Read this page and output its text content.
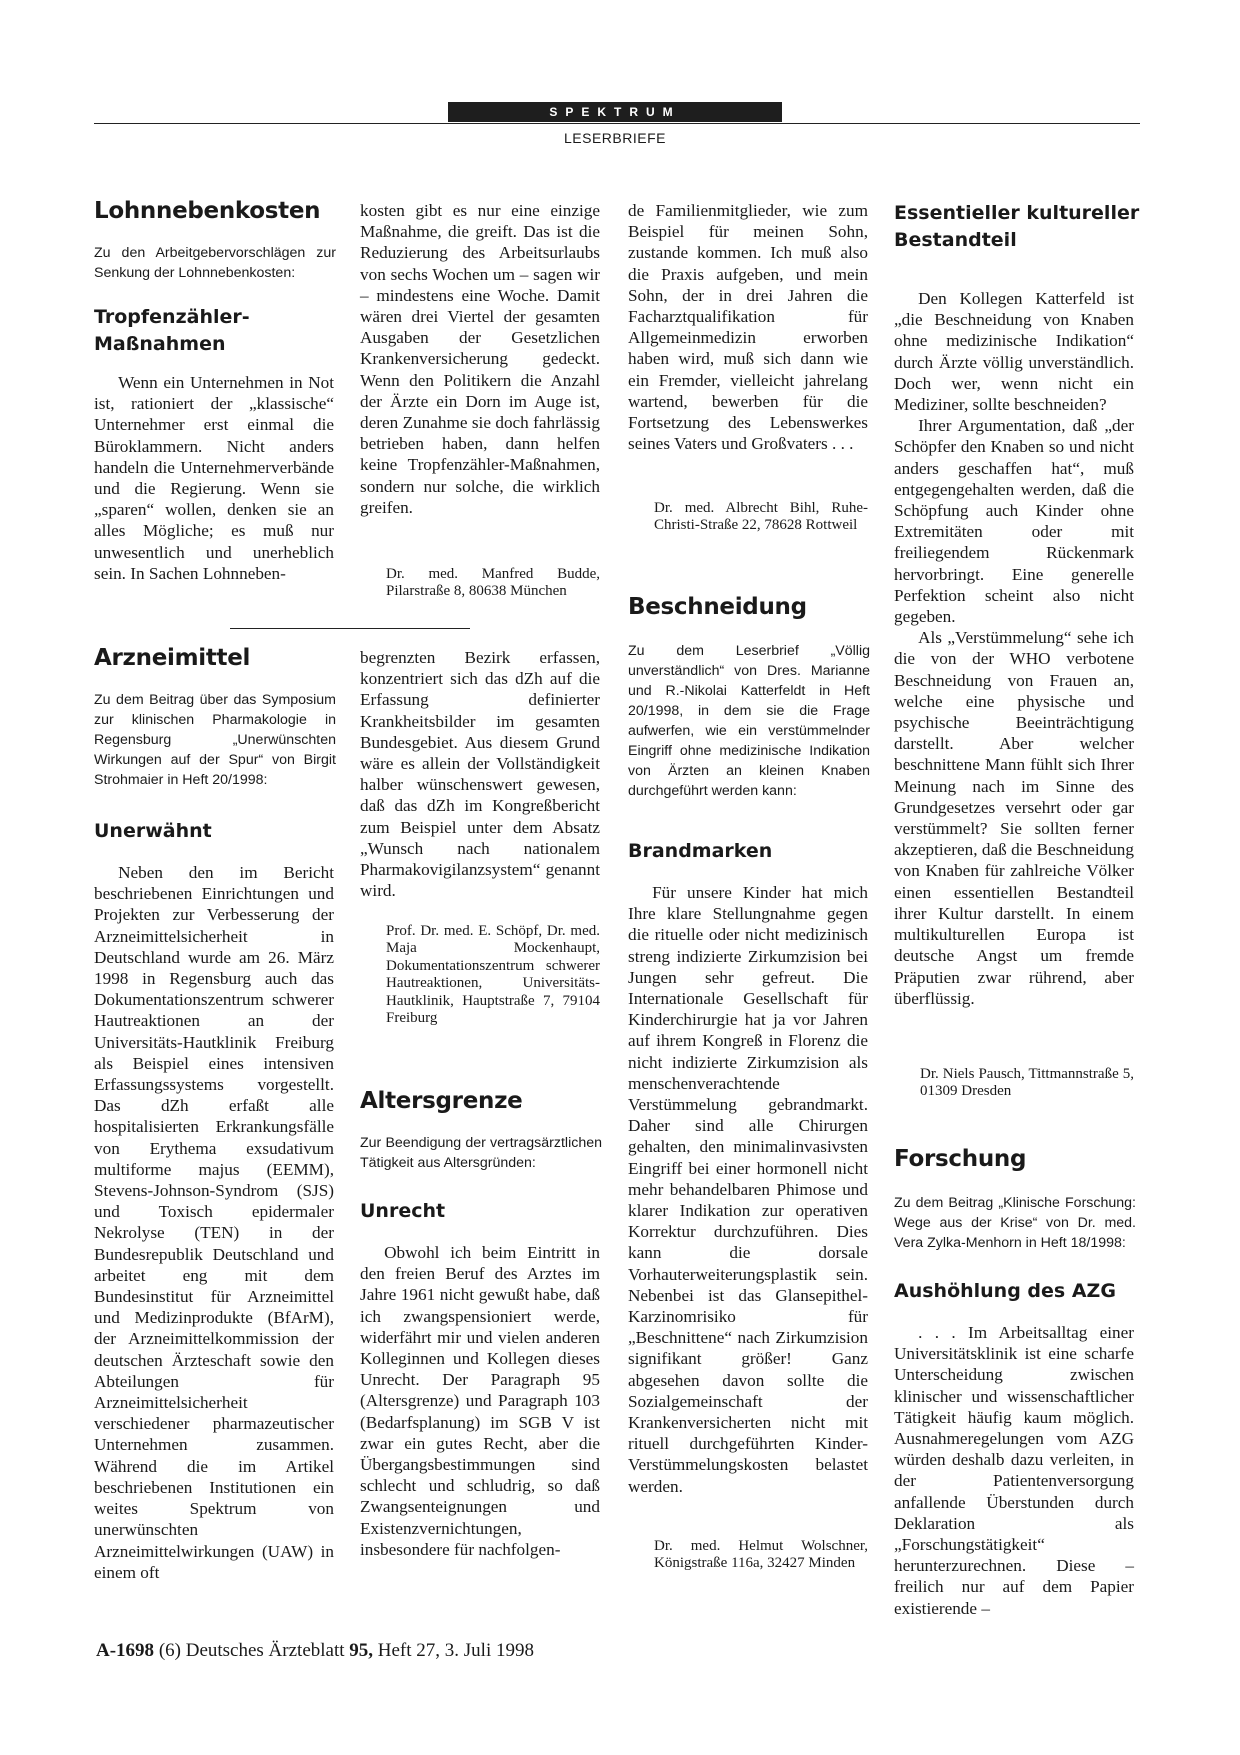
SPEKTRUM
LESERBRIEFE
Lohnnebenkosten
Zu den Arbeitgebervorschlägen zur Senkung der Lohnnebenkosten:
Tropfenzähler-Maßnahmen

Wenn ein Unternehmen in Not ist, rationiert der „klassische“ Unternehmer erst einmal die Büroklammern. Nicht anders handeln die Unternehmerverbände und die Regierung. Wenn sie „sparen“ wollen, denken sie an alles Mögliche; es muß nur unwesentlich und unerheblich sein. In Sachen Lohnneben-

Arzneimittel
Zu dem Beitrag über das Symposium zur klinischen Pharmakologie in Regensburg „Unerwünschten Wirkungen auf der Spur“ von Birgit Strohmaier in Heft 20/1998:
Unerwähnt

Neben den im Bericht beschriebenen Einrichtungen und Projekten zur Verbesserung der Arzneimittelsicherheit in Deutschland wurde am 26. März 1998 in Regensburg auch das Dokumentationszentrum schwerer Hautreaktionen an der Universitäts-Hautklinik Freiburg als Beispiel eines intensiven Erfassungssystems vorgestellt. Das dZh erfaßt alle hospitalisierten Erkrankungsfälle von Erythema exsudativum multiforme majus (EEMM), Stevens-Johnson-Syndrom (SJS) und Toxisch epidermaler Nekrolyse (TEN) in der Bundesrepublik Deutschland und arbeitet eng mit dem Bundesinstitut für Arzneimittel und Medizinprodukte (BfArM), der Arzneimittelkommission der deutschen Ärzteschaft sowie den Abteilungen für Arzneimittelsicherheit verschiedener pharmazeutischer Unternehmen zusammen. Während die im Artikel beschriebenen Institutionen ein weites Spektrum von unerwünschten Arzneimittelwirkungen (UAW) in einem oft

kosten gibt es nur eine einzige Maßnahme, die greift. Das ist die Reduzierung des Arbeitsurlaubs von sechs Wochen um – sagen wir – mindestens eine Woche. Damit wären drei Viertel der gesamten Ausgaben der Gesetzlichen Krankenversicherung gedeckt. Wenn den Politikern die Anzahl der Ärzte ein Dorn im Auge ist, deren Zunahme sie doch fahrlässig betrieben haben, dann helfen keine Tropfenzähler-Maßnahmen, sondern nur solche, die wirklich greifen.

Dr. med. Manfred Budde, Pilarstraße 8, 80638 München

begrenzten Bezirk erfassen, konzentriert sich das dZh auf die Erfassung definierter Krankheitsbilder im gesamten Bundesgebiet. Aus diesem Grund wäre es allein der Vollständigkeit halber wünschenswert gewesen, daß das dZh im Kongreßbericht zum Beispiel unter dem Absatz „Wunsch nach nationalem Pharmakovigilanzsystem“ genannt wird.

Prof. Dr. med. E. Schöpf, Dr. med. Maja Mockenhaupt, Dokumentationszentrum schwerer Hautreaktionen, Universitäts-Hautklinik, Hauptstraße 7, 79104 Freiburg
Altersgrenze
Zur Beendigung der vertragsärztlichen Tätigkeit aus Altersgründen:
Unrecht

Obwohl ich beim Eintritt in den freien Beruf des Arztes im Jahre 1961 nicht gewußt habe, daß ich zwangspensioniert werde, widerfährt mir und vielen anderen Kolleginnen und Kollegen dieses Unrecht. Der Paragraph 95 (Altersgrenze) und Paragraph 103 (Bedarfsplanung) im SGB V ist zwar ein gutes Recht, aber die Übergangsbestimmungen sind schlecht und schludrig, so daß Zwangsenteignungen und Existenzvernichtungen, insbesondere für nachfolgen-

de Familienmitglieder, wie zum Beispiel für meinen Sohn, zustande kommen. Ich muß also die Praxis aufgeben, und mein Sohn, der in drei Jahren die Facharztqualifikation für Allgemeinmedizin erworben haben wird, muß sich dann wie ein Fremder, vielleicht jahrelang wartend, bewerben für die Fortsetzung des Lebenswerkes seines Vaters und Großvaters . . .

Dr. med. Albrecht Bihl, Ruhe-Christi-Straße 22, 78628 Rottweil
Beschneidung
Zu dem Leserbrief „Völlig unverständlich“ von Dres. Marianne und R.-Nikolai Katterfeldt in Heft 20/1998, in dem sie die Frage aufwerfen, wie ein verstümmelnder Eingriff ohne medizinische Indikation von Ärzten an kleinen Knaben durchgeführt werden kann:
Brandmarken

Für unsere Kinder hat mich Ihre klare Stellungnahme gegen die rituelle oder nicht medizinisch streng indizierte Zirkumzision bei Jungen sehr gefreut. Die Internationale Gesellschaft für Kinderchirurgie hat ja vor Jahren auf ihrem Kongreß in Florenz die nicht indizierte Zirkumzision als menschenverachtende Verstümmelung gebrandmarkt. Daher sind alle Chirurgen gehalten, den minimalinvasivsten Eingriff bei einer hormonell nicht mehr behandelbaren Phimose und klarer Indikation zur operativen Korrektur durchzuführen. Dies kann die dorsale Vorhauterweiterungsplastik sein. Nebenbei ist das Glansepithel-Karzinomrisiko für „Beschnittene“ nach Zirkumzision signifikant größer! Ganz abgesehen davon sollte die Sozialgemeinschaft der Krankenversicherten nicht mit rituell durchgeführten Kinder-Verstümmelungskosten belastet werden.

Dr. med. Helmut Wolschner, Königstraße 116a, 32427 Minden
Essentieller kultureller Bestandteil

Den Kollegen Katterfeld ist „die Beschneidung von Knaben ohne medizinische Indikation“ durch Ärzte völlig unverständlich. Doch wer, wenn nicht ein Mediziner, sollte beschneiden?

Ihrer Argumentation, daß „der Schöpfer den Knaben so und nicht anders geschaffen hat“, muß entgegengehalten werden, daß die Schöpfung auch Kinder ohne Extremitäten oder mit freiliegendem Rückenmark hervorbringt. Eine generelle Perfektion scheint also nicht gegeben.

Als „Verstümmelung“ sehe ich die von der WHO verbotene Beschneidung von Frauen an, welche eine physische und psychische Beeinträchtigung darstellt. Aber welcher beschnittene Mann fühlt sich Ihrer Meinung nach im Sinne des Grundgesetzes versehrt oder gar verstümmelt? Sie sollten ferner akzeptieren, daß die Beschneidung von Knaben für zahlreiche Völker einen essentiellen Bestandteil ihrer Kultur darstellt. In einem multikulturellen Europa ist deutsche Angst um fremde Präputien zwar rührend, aber überflüssig.

Dr. Niels Pausch, Tittmannstraße 5, 01309 Dresden
Forschung
Zu dem Beitrag „Klinische Forschung: Wege aus der Krise“ von Dr. med. Vera Zylka-Menhorn in Heft 18/1998:
Aushöhlung des AZG

. . . Im Arbeitsalltag einer Universitätsklinik ist eine scharfe Unterscheidung zwischen klinischer und wissenschaftlicher Tätigkeit häufig kaum möglich. Ausnahmeregelungen vom AZG würden deshalb dazu verleiten, in der Patientenversorgung anfallende Überstunden durch Deklaration als „Forschungstätigkeit“ herunterzurechnen. Diese – freilich nur auf dem Papier existierende –

A-1698 (6) Deutsches Ärzteblatt 95, Heft 27, 3. Juli 1998
